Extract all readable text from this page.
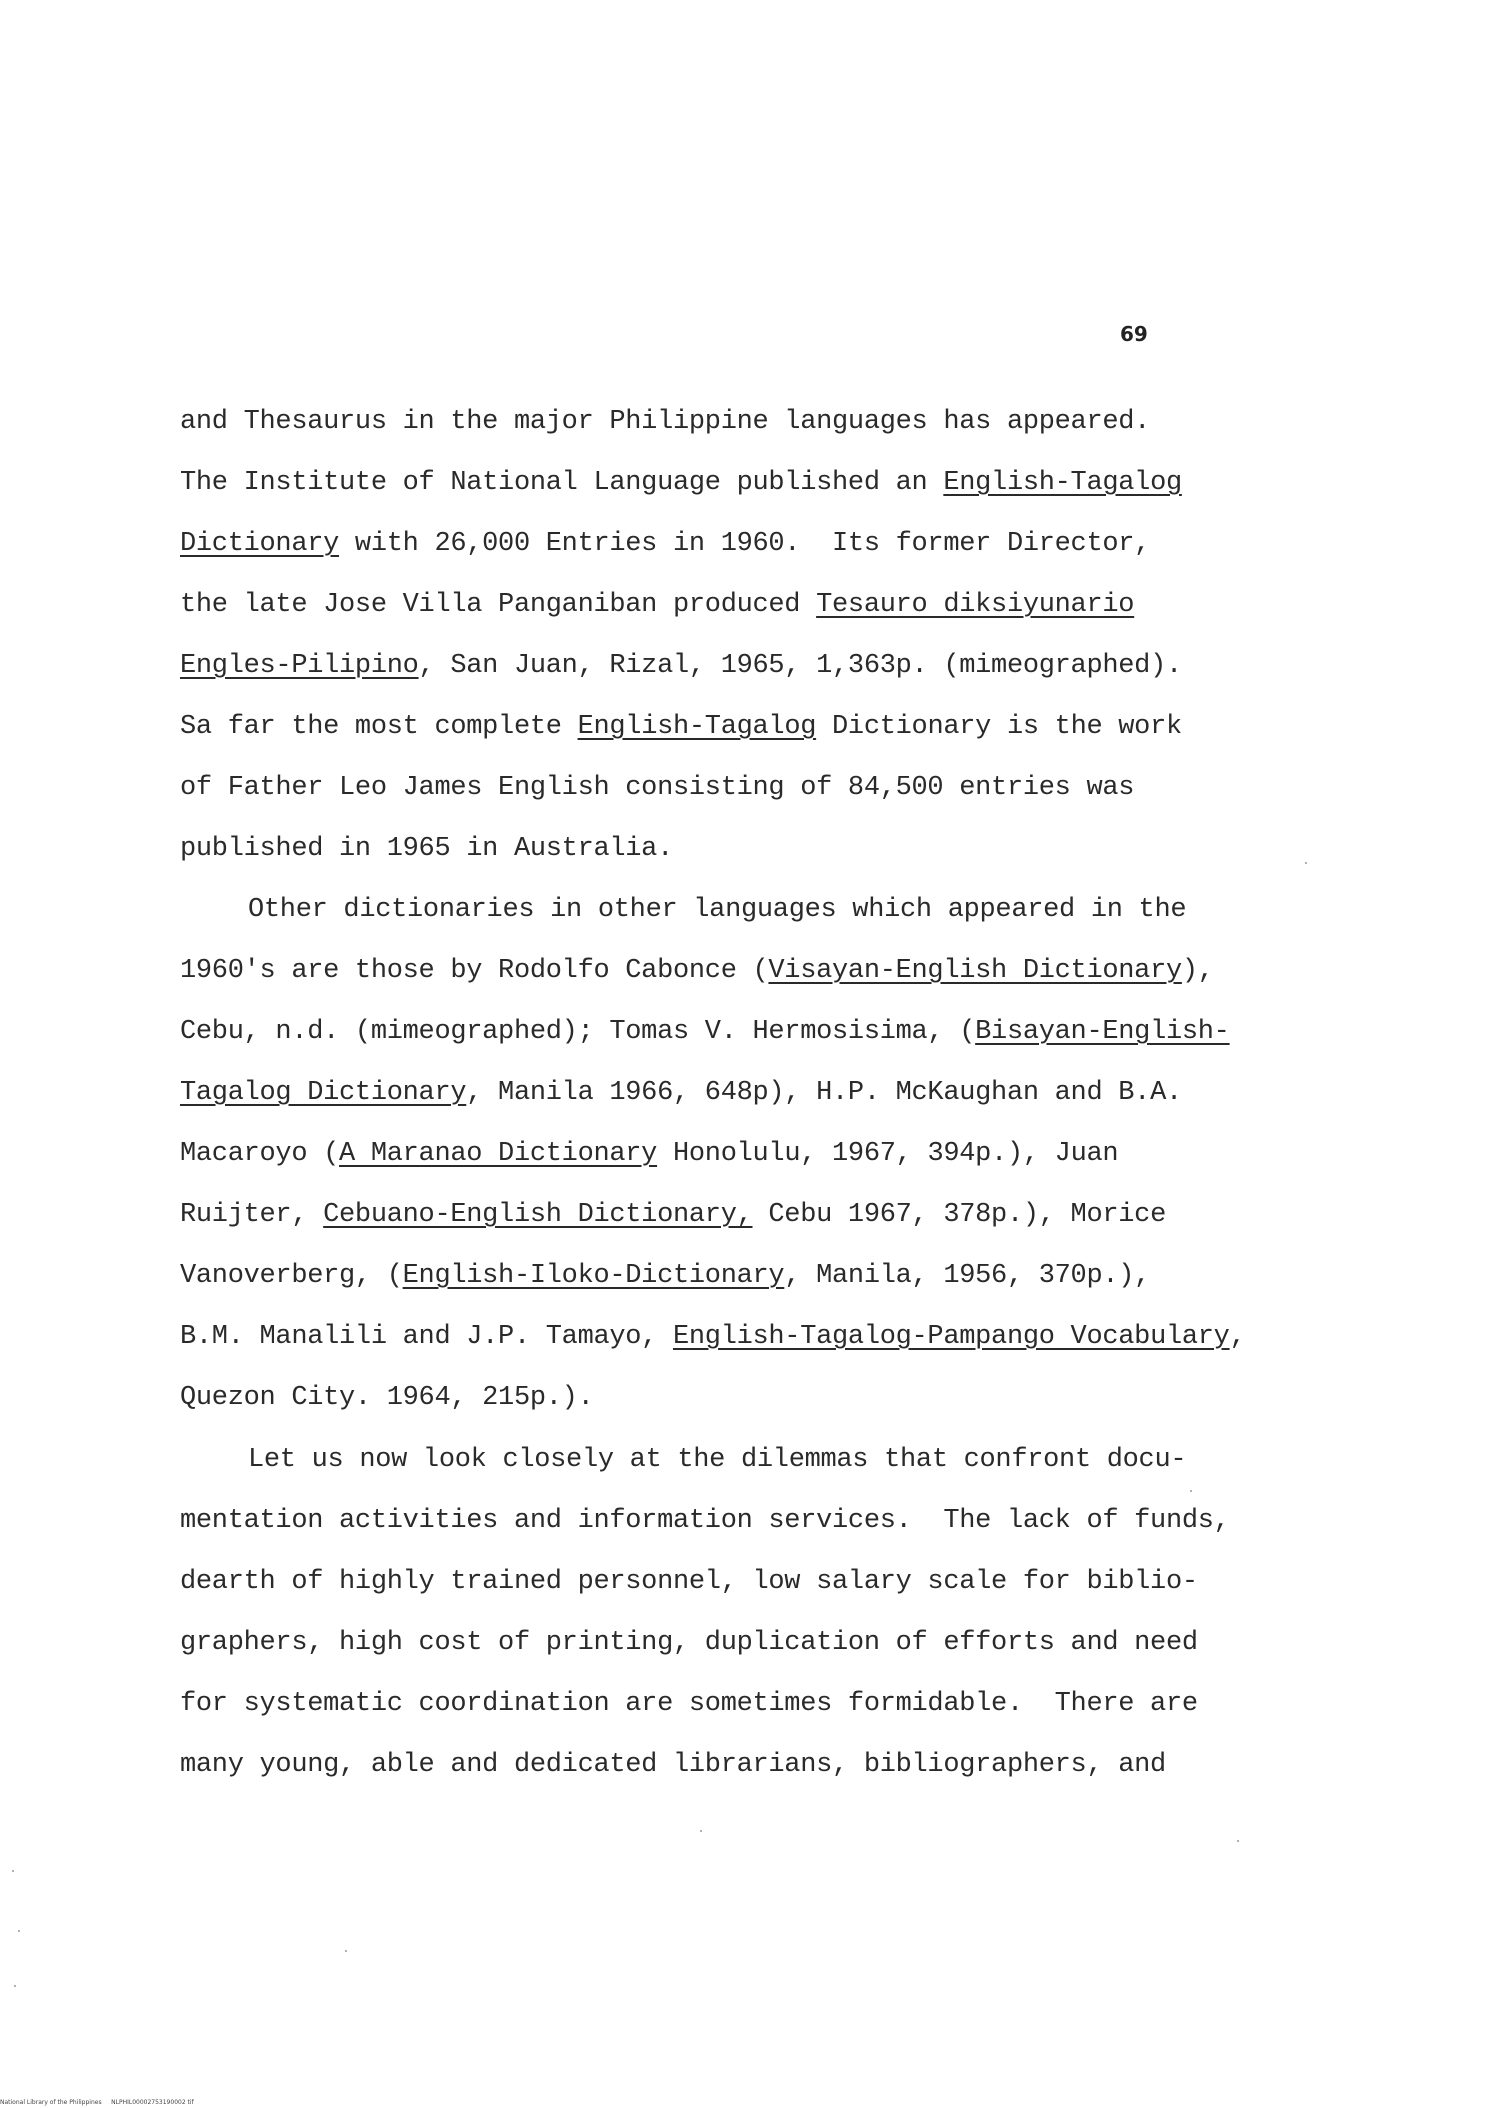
69
and Thesaurus in the major Philippine languages has appeared.
The Institute of National Language published an English-Tagalog
Dictionary with 26,000 Entries in 1960.  Its former Director,
the late Jose Villa Panganiban produced Tesauro diksiyunario
Engles-Pilipino, San Juan, Rizal, 1965, 1,363p. (mimeographed).
Sa far the most complete English-Tagalog Dictionary is the work
of Father Leo James English consisting of 84,500 entries was
published in 1965 in Australia.
Other dictionaries in other languages which appeared in the
1960's are those by Rodolfo Cabonce (Visayan-English Dictionary),
Cebu, n.d. (mimeographed); Tomas V. Hermosisima, (Bisayan-English-
Tagalog Dictionary, Manila 1966, 648p), H.P. McKaughan and B.A.
Macaroyo (A Maranao Dictionary Honolulu, 1967, 394p.), Juan
Ruijter, Cebuano-English Dictionary, Cebu 1967, 378p.), Morice
Vanoverberg, (English-Iloko-Dictionary, Manila, 1956, 370p.),
B.M. Manalili and J.P. Tamayo, English-Tagalog-Pampango Vocabulary,
Quezon City. 1964, 215p.).
Let us now look closely at the dilemmas that confront docu-
mentation activities and information services.  The lack of funds,
dearth of highly trained personnel, low salary scale for biblio-
graphers, high cost of printing, duplication of efforts and need
for systematic coordination are sometimes formidable.  There are
many young, able and dedicated librarians, bibliographers, and
National Library of the Philippines NLPHIL00002753190002 tif
